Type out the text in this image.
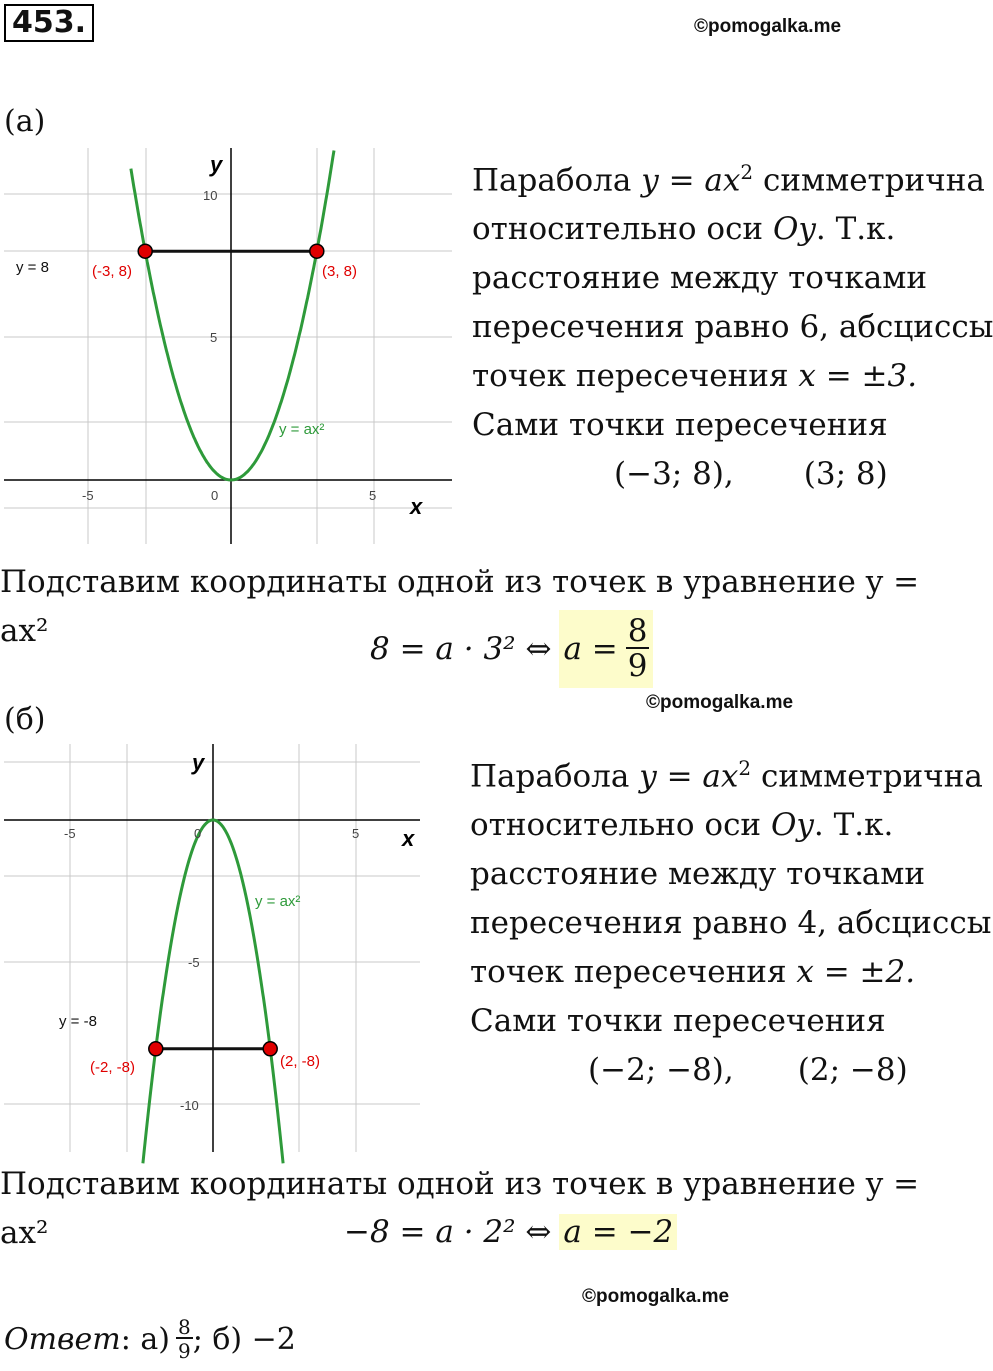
453.	©pomogalka.me
(а)
y
x
10
5
-5	0	5
y = 8	(-3, 8)	(3, 8)
y = ax²

Парабола $y = ax^2$ симметрична

относительно оси Oy. Т.к.

расстояние между точками

пересечения равно 6, абсциссы

точек пересечения x = ±3.

Сами точки пересечения

(−3; 8), (3; 8)

Подставим координаты одной из точек в уравнение y = ax²	8 = a · 3² ⇔ $a = \frac{8}{9}$
©pomogalka.me
(б)
y
x
-5	0	5
-5
-10
y = -8
(-2, -8)	(2, -8)
y = ax²

Парабола $y = ax^2$ симметрична

относительно оси Oy. Т.к.

расстояние между точками

пересечения равно 4, абсциссы

точек пересечения x = ±2.

Сами точки пересечения

(−2; −8), (2; −8)

Подставим координаты одной из точек в уравнение y = ax²	−8 = a · 2² ⇔ a = −2
©pomogalka.me
Ответ : $а) \frac{8}{9}$ ; б) −2
